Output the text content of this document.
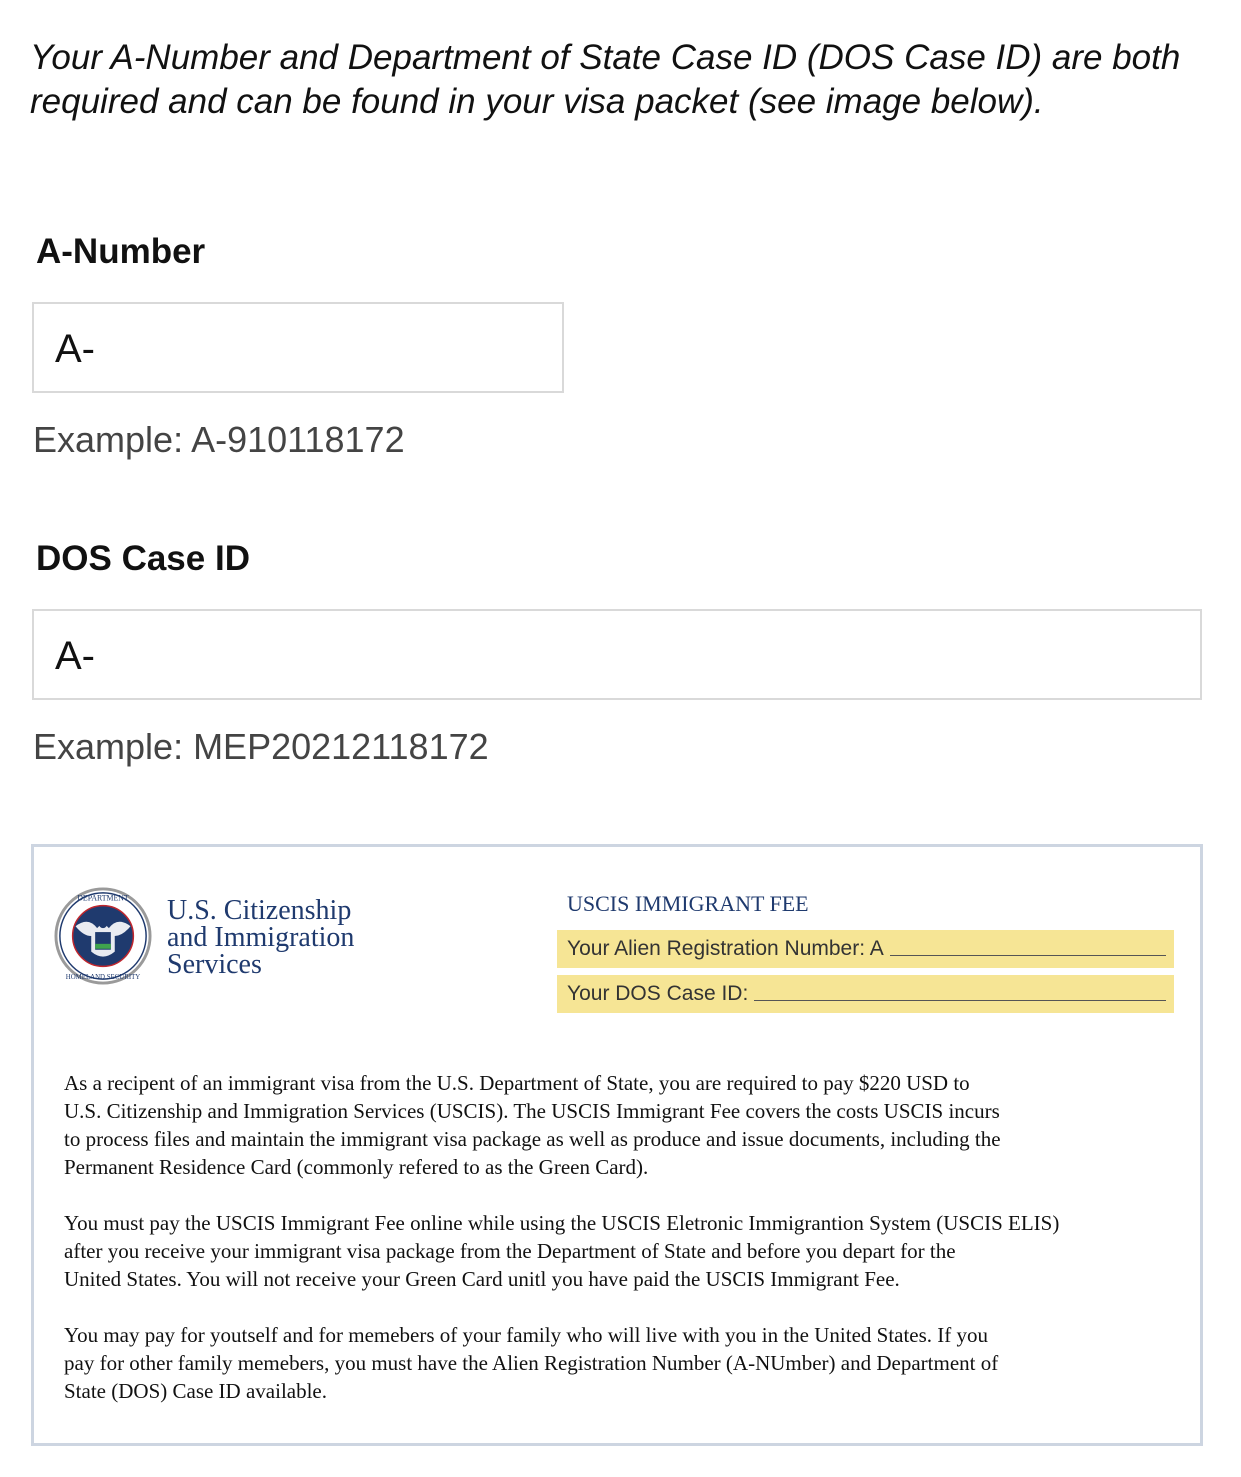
Your A-Number and Department of State Case ID (DOS Case ID) are both required and can be found in your visa packet (see image below).

A-Number
A-
Example: A-910118172
DOS Case ID
A-
Example: MEP20212118172
DEPARTMENT
HOMELAND SECURITY
U.S. Citizenship
and Immigration
Services
USCIS IMMIGRANT FEE
Your Alien Registration Number: A
Your DOS Case ID:

As a recipent of an immigrant visa from the U.S. Department of State, you are required to pay $220 USD to
U.S. Citizenship and Immigration Services (USCIS). The USCIS Immigrant Fee covers the costs USCIS incurs
to process files and maintain the immigrant visa package as well as produce and issue documents, including the
Permanent Residence Card (commonly refered to as the Green Card).

You must pay the USCIS Immigrant Fee online while using the USCIS Eletronic Immigrantion System (USCIS ELIS)
after you receive your immigrant visa package from the Department of State and before you depart for the
United States. You will not receive your Green Card unitl you have paid the USCIS Immigrant Fee.

You may pay for youtself and for memebers of your family who will live with you in the United States. If you
pay for other family memebers, you must have the Alien Registration Number (A-NUmber) and Department of
State (DOS) Case ID available.
